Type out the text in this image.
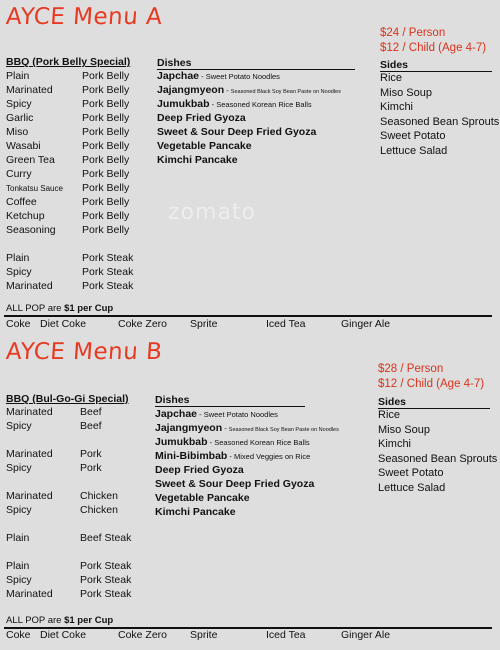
zomato
AYCE Menu A
$24 / Person
$12 / Child (Age 4-7)
BBQ (Pork Belly Special)	Dishes	Sides
Plain	Pork Belly
Marinated	Pork Belly
Spicy	Pork Belly
Garlic	Pork Belly
Miso	Pork Belly
Wasabi	Pork Belly
Green Tea	Pork Belly
Curry	Pork Belly
Tonkatsu Sauce Pork Belly
Coffee	Pork Belly
Ketchup	Pork Belly
Seasoning	Pork Belly
Plain	Pork Steak
Spicy	Pork Steak
Marinated	Pork Steak
Japchae - Sweet Potato Noodles
Jajangmyeon - Seasoned Black Soy Bean Paste on Noodles
Jumukbab - Seasoned Korean Rice Balls
Deep Fried Gyoza
Sweet & Sour Deep Fried Gyoza
Vegetable Pancake
Kimchi Pancake
Rice
Miso Soup
Kimchi
Seasoned Bean Sprouts
Sweet Potato
Lettuce Salad
ALL POP are $1 per Cup
Coke Diet Coke	Coke Zero Sprite	Iced Tea	Ginger Ale
AYCE Menu B
$28 / Person
$12 / Child (Age 4-7)
BBQ (Bul-Go-Gi Special)	Dishes	Sides
Marinated	Beef
Spicy	Beef
Marinated	Pork
Spicy	Pork
Marinated	Chicken
Spicy	Chicken
Plain	Beef Steak
Plain	Pork Steak
Spicy	Pork Steak
Marinated	Pork Steak
Japchae - Sweet Potato Noodles
Jajangmyeon - Seasoned Black Soy Bean Paste on Noodles
Jumukbab - Seasoned Korean Rice Balls
Mini-Bibimbab - Mixed Veggies on Rice
Deep Fried Gyoza
Sweet & Sour Deep Fried Gyoza
Vegetable Pancake
Kimchi Pancake
Rice
Miso Soup
Kimchi
Seasoned Bean Sprouts
Sweet Potato
Lettuce Salad
ALL POP are $1 per Cup
Coke Diet Coke	Coke Zero Sprite	Iced Tea	Ginger Ale
